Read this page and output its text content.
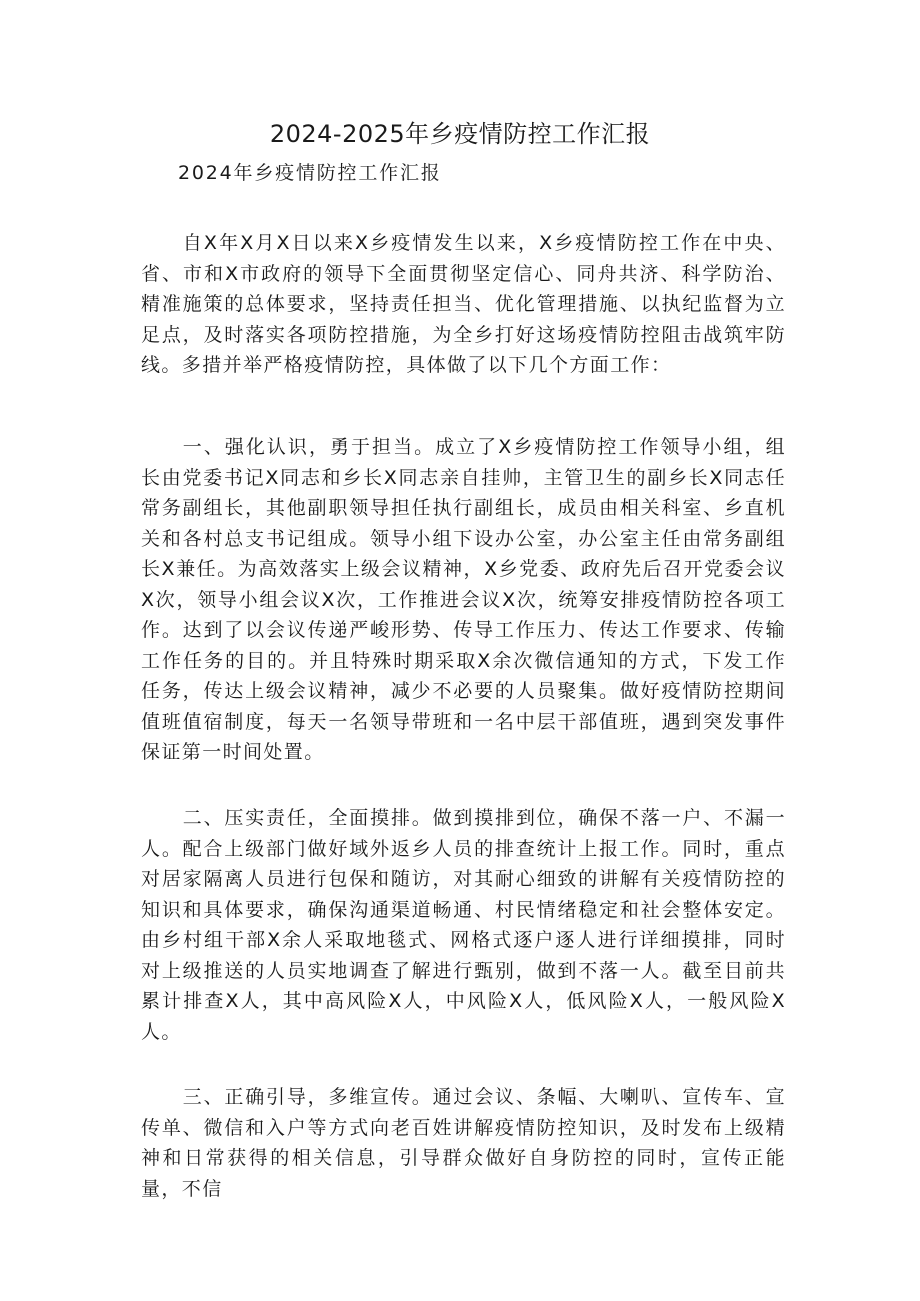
2024-2025年乡疫情防控工作汇报

2024年乡疫情防控工作汇报

自X年X月X日以来X乡疫情发生以来，X乡疫情防控工作在中央、省、市和X市政府的领导下全面贯彻坚定信心、同舟共济、科学防治、精准施策的总体要求，坚持责任担当、优化管理措施、以执纪监督为立足点，及时落实各项防控措施，为全乡打好这场疫情防控阻击战筑牢防线。多措并举严格疫情防控，具体做了以下几个方面工作：

一、强化认识，勇于担当。成立了X乡疫情防控工作领导小组，组长由党委书记X同志和乡长X同志亲自挂帅，主管卫生的副乡长X同志任常务副组长，其他副职领导担任执行副组长，成员由相关科室、乡直机关和各村总支书记组成。领导小组下设办公室，办公室主任由常务副组长X兼任。为高效落实上级会议精神，X乡党委、政府先后召开党委会议X次，领导小组会议X次，工作推进会议X次，统筹安排疫情防控各项工作。达到了以会议传递严峻形势、传导工作压力、传达工作要求、传输工作任务的目的。并且特殊时期采取X余次微信通知的方式，下发工作任务，传达上级会议精神，减少不必要的人员聚集。做好疫情防控期间值班值宿制度，每天一名领导带班和一名中层干部值班，遇到突发事件保证第一时间处置。

二、压实责任，全面摸排。做到摸排到位，确保不落一户、不漏一人。配合上级部门做好域外返乡人员的排查统计上报工作。同时，重点对居家隔离人员进行包保和随访，对其耐心细致的讲解有关疫情防控的知识和具体要求，确保沟通渠道畅通、村民情绪稳定和社会整体安定。由乡村组干部X余人采取地毯式、网格式逐户逐人进行详细摸排，同时对上级推送的人员实地调查了解进行甄别，做到不落一人。截至目前共累计排查X人，其中高风险X人，中风险X人，低风险X人，一般风险X人。

三、正确引导，多维宣传。通过会议、条幅、大喇叭、宣传车、宣传单、微信和入户等方式向老百姓讲解疫情防控知识，及时发布上级精神和日常获得的相关信息，引导群众做好自身防控的同时，宣传正能量，不信
